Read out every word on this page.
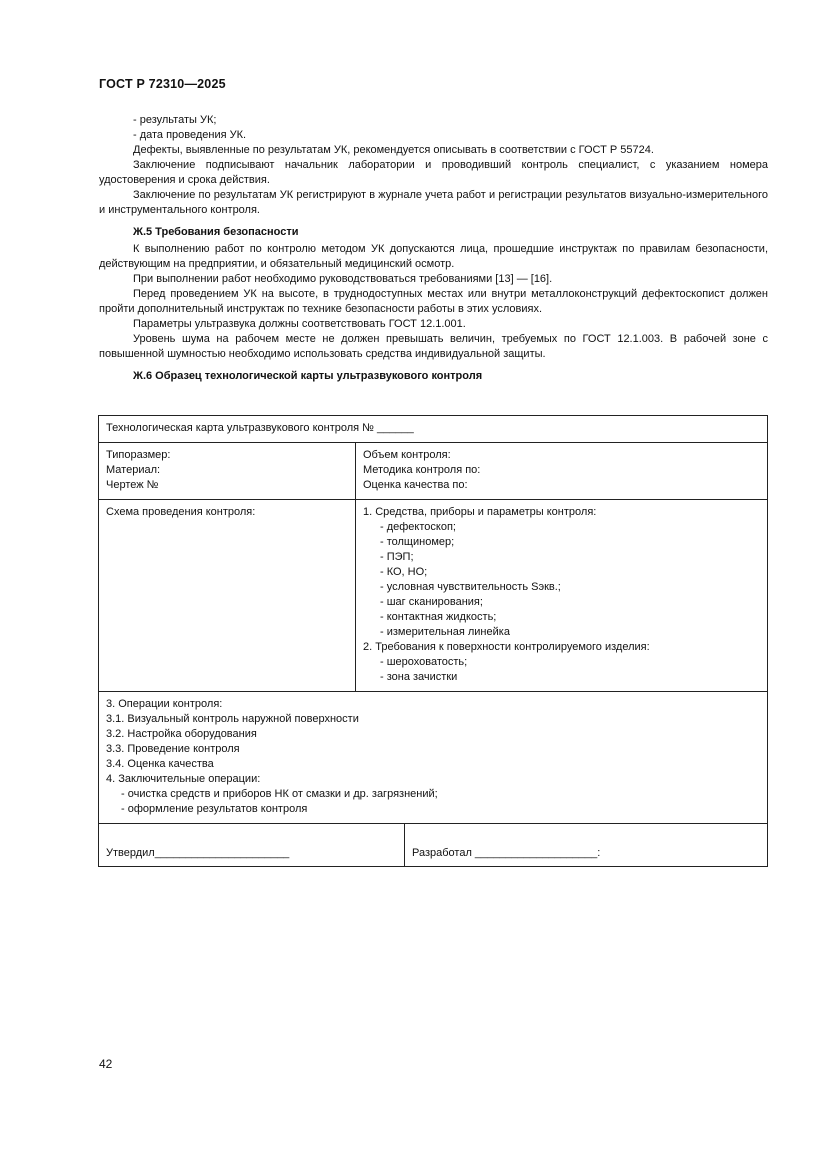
ГОСТ Р 72310—2025

- результаты УК;

- дата проведения УК.

Дефекты, выявленные по результатам УК, рекомендуется описывать в соответствии с ГОСТ Р 55724.

Заключение подписывают начальник лаборатории и проводивший контроль специалист, с указанием номера удостоверения и срока действия.

Заключение по результатам УК регистрируют в журнале учета работ и регистрации результатов визуально-измерительного и инструментального контроля.

Ж.5 Требования безопасности

К выполнению работ по контролю методом УК допускаются лица, прошедшие инструктаж по правилам безопасности, действующим на предприятии, и обязательный медицинский осмотр.

При выполнении работ необходимо руководствоваться требованиями [13] — [16].

Перед проведением УК на высоте, в труднодоступных местах или внутри металлоконструкций дефектоскопист должен пройти дополнительный инструктаж по технике безопасности работы в этих условиях.

Параметры ультразвука должны соответствовать ГОСТ 12.1.001.

Уровень шума на рабочем месте не должен превышать величин, требуемых по ГОСТ 12.1.003. В рабочей зоне с повышенной шумностью необходимо использовать средства индивидуальной защиты.

Ж.6 Образец технологической карты ультразвукового контроля

Технологическая карта ультразвукового контроля № ______
Типоразмер:
Материал:
Чертеж №
Объем контроля:
Методика контроля по:
Оценка качества по:
Схема проведения контроля:	1. Средства, приборы и параметры контроля:
- дефектоскоп;
- толщиномер;
- ПЭП;
- КО, НО;
- условная чувствительность Sэкв.;
- шаг сканирования;
- контактная жидкость;
- измерительная линейка
2. Требования к поверхности контролируемого изделия:
- шероховатость;
- зона зачистки
3. Операции контроля:
3.1. Визуальный контроль наружной поверхности
3.2. Настройка оборудования
3.3. Проведение контроля
3.4. Оценка качества
4. Заключительные операции:
- очистка средств и приборов НК от смазки и др. загрязнений;
- оформление результатов контроля
Утвердил______________________	Разработал ____________________:
42
